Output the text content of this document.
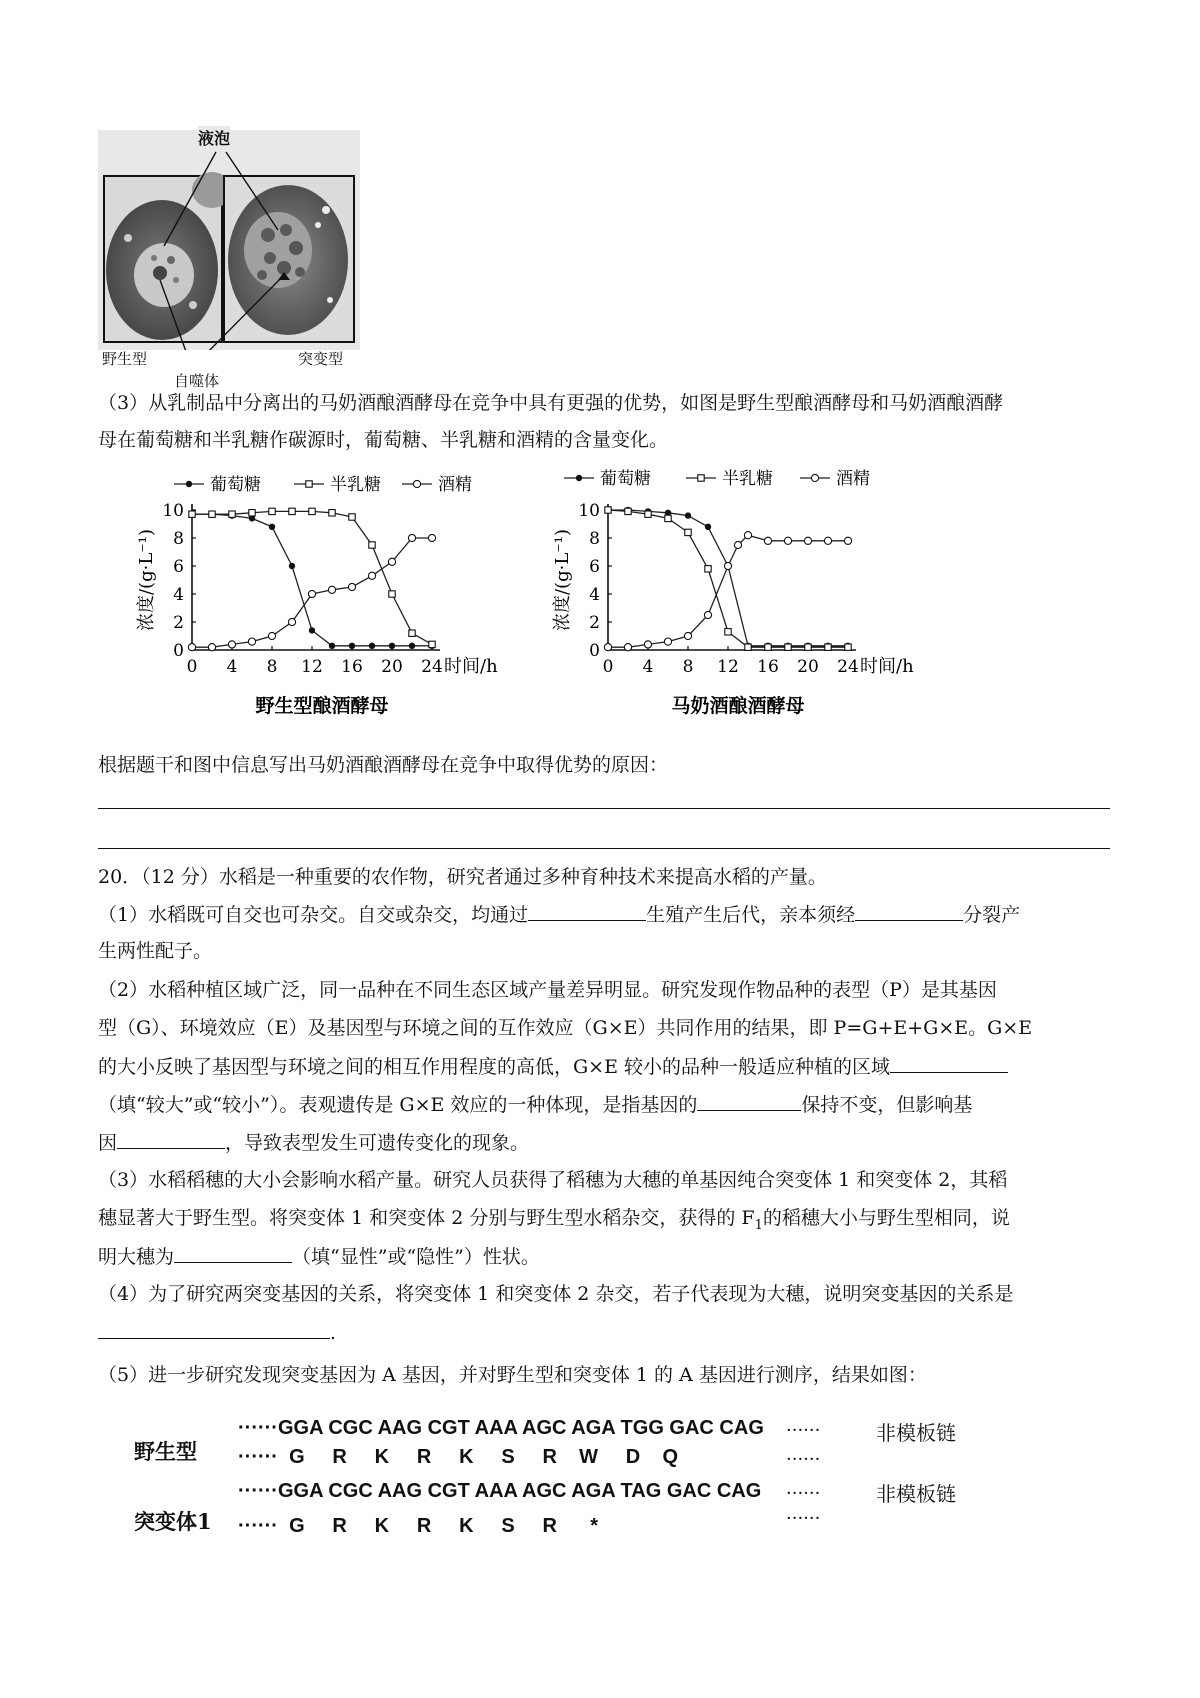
液泡
野生型	突变型
自噬体
（3）从乳制品中分离出的马奶酒酿酒酵母在竞争中具有更强的优势，如图是野生型酿酒酵母和马奶酒酿酒酵
母在葡萄糖和半乳糖作碳源时，葡萄糖、半乳糖和酒精的含量变化。
0 4 8 12 16 20 24
0
2
4
6
8
10
时间/h
浓度/(g·L⁻¹)
野生型酿酒酵母
葡萄糖	半乳糖	酒精
0 4 8 12 16 20 24
0
2
4
6
8
10
时间/h
浓度/(g·L⁻¹)
马奶酒酿酒酵母
葡萄糖	半乳糖	酒精
根据题干和图中信息写出马奶酒酿酒酵母在竞争中取得优势的原因：
20．（12 分）水稻是一种重要的农作物，研究者通过多种育种技术来提高水稻的产量。
（1）水稻既可自交也可杂交。自交或杂交，均通过	生殖产生后代，亲本须经	分裂产
生两性配子。
（2）水稻种植区域广泛，同一品种在不同生态区域产量差异明显。研究发现作物品种的表型（P）是其基因
型（G）、环境效应（E）及基因型与环境之间的互作效应（G×E）共同作用的结果，即 P=G+E+G×E。G×E
的大小反映了基因型与环境之间的相互作用程度的高低，G×E 较小的品种一般适应种植的区域
（填“较大”或“较小”）。表观遗传是 G×E 效应的一种体现，是指基因的	保持不变，但影响基
因	，导致表型发生可遗传变化的现象。
（3）水稻稻穗的大小会影响水稻产量。研究人员获得了稻穗为大穗的单基因纯合突变体 1 和突变体 2，其稻
穗显著大于野生型。将突变体 1 和突变体 2 分别与野生型水稻杂交，获得的 $F_1$的稻穗大小与野生型相同，说
明大穗为	（填“显性”或“隐性”）性状。
（4）为了研究两突变基因的关系，将突变体 1 和突变体 2 杂交，若子代表现为大穗，说明突变基因的关系是
.
（5）进一步研究发现突变基因为 A 基因，并对野生型和突变体 1 的 A 基因进行测序，结果如图：
野生型
······GGA CGC AAG CGT AAA AGC AGA TGG GAC CAG
······  G     R     K     R     K     S     R    W     D    Q
······
······
非模板链
突变体1
······GGA CGC AAG CGT AAA AGC AGA TAG GAC CAG
······  G     R     K     R     K     S     R      *
······
······
非模板链
